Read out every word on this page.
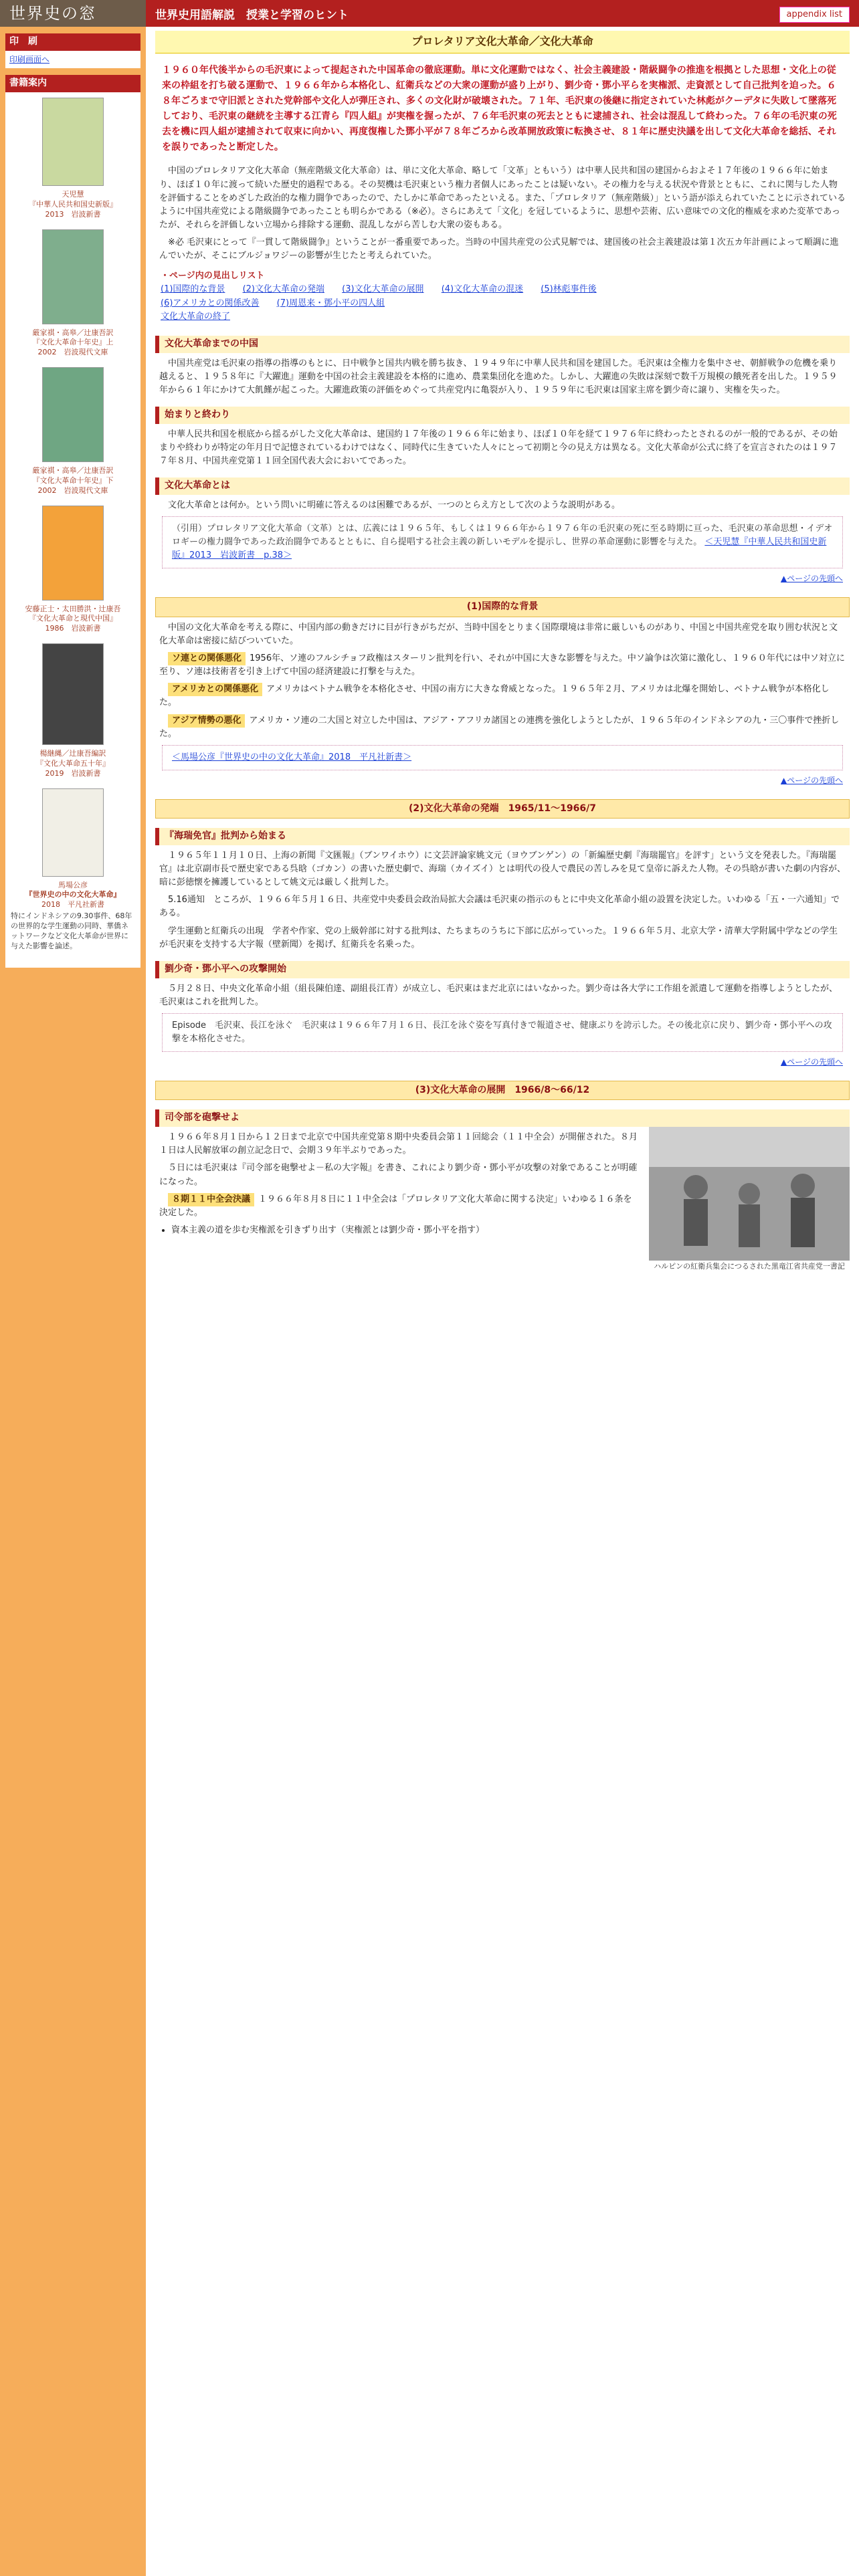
世界史の窓
印　刷
印刷画面へ
書籍案内
天児慧
『中華人民共和国史新版』
2013　岩波新書
厳家祺・高皋／辻康吾訳
『文化大革命十年史』上
2002　岩波現代文庫
厳家祺・高皋／辻康吾訳
『文化大革命十年史』下
2002　岩波現代文庫
安藤正士・太田勝洪・辻康吾
『文化大革命と現代中国』
1986　岩波新書
楊継縄／辻康吾編訳
『文化大革命五十年』
2019　岩波新書
馬場公彦
『世界史の中の文化大革命』
2018　平凡社新書
特にインドネシアの9.30事件、68年の世界的な学生運動の同時、華僑ネットワークなど文化大革命が世界に与えた影響を論述。
世界史用語解説　授業と学習のヒント	appendix list
プロレタリア文化大革命／文化大革命
１９６０年代後半からの毛沢東によって提起された中国革命の徹底運動。単に文化運動ではなく、社会主義建設・階級闘争の推進を根拠とした思想・文化上の従来の枠組を打ち破る運動で、１９６６年から本格化し、紅衛兵などの大衆の運動が盛り上がり、劉少奇・鄧小平らを実権派、走資派として自己批判を迫った。６８年ごろまで守旧派とされた党幹部や文化人が弾圧され、多くの文化財が破壊された。７１年、毛沢東の後継に指定されていた林彪がクーデタに失敗して墜落死しており、毛沢東の継続を主導する江青ら『四人組』が実権を握ったが、７６年毛沢東の死去とともに逮捕され、社会は混乱して終わった。７６年の毛沢東の死去を機に四人組が逮捕されて収束に向かい、再度復権した鄧小平が７８年ごろから改革開放政策に転換させ、８１年に歴史決議を出して文化大革命を総括、それを誤りであったと断定した。

中国のプロレタリア文化大革命（無産階級文化大革命）は、単に文化大革命、略して「文革」ともいう）は中華人民共和国の建国からおよそ１７年後の１９６６年に始まり、ほぼ１０年に渡って続いた歴史的過程である。その契機は毛沢東という権力者個人にあったことは疑いない。その権力を与える状況や背景とともに、これに関与した人物を評価することをめざした政治的な権力闘争であったので、たしかに革命であったといえる。また、「プロレタリア（無産階級）」という語が添えられていたことに示されているように中国共産党による階級闘争であったことも明らかである（※必）。さらにあえて「文化」を冠しているように、思想や芸術、広い意味での文化的権威を求めた変革であったが、それらを評価しない立場から排除する運動、混乱しながら苦しむ大衆の姿もある。

※必 毛沢東にとって『一貫して階級闘争』ということが一番重要であった。当時の中国共産党の公式見解では、建国後の社会主義建設は第１次五カ年計画によって順調に進んでいたが、そこにブルジョワジーの影響が生じたと考えられていた。

・ページ内の見出しリスト
(1)国際的な背景 (2)文化大革命の発端 (3)文化大革命の展開 (4)文化大革命の混迷 (5)林彪事件後
(6)アメリカとの関係改善 (7)周恩来・鄧小平の四人組
文化大革命の終了
文化大革命までの中国

中国共産党は毛沢東の指導の指導のもとに、日中戦争と国共内戦を勝ち抜き、１９４９年に中華人民共和国を建国した。毛沢東は全権力を集中させ、朝鮮戦争の危機を乗り越えると、１９５８年に『大躍進』運動を中国の社会主義建設を本格的に進め、農業集団化を進めた。しかし、大躍進の失敗は深刻で数千万規模の餓死者を出した。１９５９年から６１年にかけて大飢饉が起こった。大躍進政策の評価をめぐって共産党内に亀裂が入り、１９５９年に毛沢東は国家主席を劉少奇に譲り、実権を失った。

始まりと終わり

中華人民共和国を根底から揺るがした文化大革命は、建国約１７年後の１９６６年に始まり、ほぼ１０年を経て１９７６年に終わったとされるのが一般的であるが、その始まりや終わりが特定の年月日で記憶されているわけではなく、同時代に生きていた人々にとって初期と今の見え方は異なる。文化大革命が公式に終了を宣言されたのは１９７７年８月、中国共産党第１１回全国代表大会においてであった。

文化大革命とは

文化大革命とは何か。という問いに明確に答えるのは困難であるが、一つのとらえ方として次のような説明がある。

（引用）プロレタリア文化大革命（文革）とは、広義には１９６５年、もしくは１９６６年から１９７６年の毛沢東の死に至る時期に亘った、毛沢東の革命思想・イデオロギーの権力闘争であった政治闘争であるとともに、自ら提唱する社会主義の新しいモデルを提示し、世界の革命運動に影響を与えた。 ＜天児慧『中華人民共和国史新版』2013　岩波新書　p.38＞
▲ページの先頭へ
(1)国際的な背景

中国の文化大革命を考える際に、中国内部の動きだけに目が行きがちだが、当時中国をとりまく国際環境は非常に厳しいものがあり、中国と中国共産党を取り囲む状況と文化大革命は密接に結びついていた。

ソ連との関係悪化 1956年、ソ連のフルシチョフ政権はスターリン批判を行い、それが中国に大きな影響を与えた。中ソ論争は次第に激化し、１９６０年代には中ソ対立に至り、ソ連は技術者を引き上げて中国の経済建設に打撃を与えた。

アメリカとの関係悪化 アメリカはベトナム戦争を本格化させ、中国の南方に大きな脅威となった。１９６５年２月、アメリカは北爆を開始し、ベトナム戦争が本格化した。

アジア情勢の悪化 アメリカ・ソ連の二大国と対立した中国は、アジア・アフリカ諸国との連携を強化しようとしたが、１９６５年のインドネシアの九・三〇事件で挫折した。

＜馬場公彦『世界史の中の文化大革命』2018　平凡社新書＞
▲ページの先頭へ
(2)文化大革命の発端　1965/11〜1966/7
『海瑞免官』批判から始まる

１９６５年１１月１０日、上海の新聞『文匯報』（ブンワイホウ）に文芸評論家姚文元（ヨウブンゲン）の「新編歴史劇『海瑞罷官』を評す」という文を発表した。『海瑞罷官』は北京副市長で歴史家である呉晗（ゴカン）の書いた歴史劇で、海瑞（カイズイ）とは明代の役人で農民の苦しみを見て皇帝に訴えた人物。その呉晗が書いた劇の内容が、暗に彭徳懐を擁護しているとして姚文元は厳しく批判した。

5.16通知　ところが、１９６６年５月１６日、共産党中央委員会政治局拡大会議は毛沢東の指示のもとに中央文化革命小組の設置を決定した。いわゆる「五・一六通知」である。

学生運動と紅衛兵の出現　学者や作家、党の上級幹部に対する批判は、たちまちのうちに下部に広がっていった。１９６６年５月、北京大学・清華大学附属中学などの学生が毛沢東を支持する大字報（壁新聞）を掲げ、紅衛兵を名乗った。

劉少奇・鄧小平への攻撃開始

５月２８日、中央文化革命小組（組長陳伯達、副組長江青）が成立し、毛沢東はまだ北京にはいなかった。劉少奇は各大学に工作組を派遣して運動を指導しようとしたが、毛沢東はこれを批判した。

Episode　毛沢東、長江を泳ぐ　毛沢東は１９６６年７月１６日、長江を泳ぐ姿を写真付きで報道させ、健康ぶりを誇示した。その後北京に戻り、劉少奇・鄧小平への攻撃を本格化させた。
▲ページの先頭へ
(3)文化大革命の展開　1966/8〜66/12
司令部を砲撃せよ
ハルピンの紅衛兵集会につるされた黒竜江省共産党一書記

１９６６年８月１日から１２日まで北京で中国共産党第８期中央委員会第１１回総会（１１中全会）が開催された。８月１日は人民解放軍の創立記念日で、会期３９年半ぶりであった。

５日には毛沢東は『司令部を砲撃せよ－私の大字報』を書き、これにより劉少奇・鄧小平が攻撃の対象であることが明確になった。

８期１１中全会決議 １９６６年８月８日に１１中全会は「プロレタリア文化大革命に関する決定」いわゆる１６条を決定した。

• 資本主義の道を歩む実権派を引きずり出す（実権派とは劉少奇・鄧小平を指す）
